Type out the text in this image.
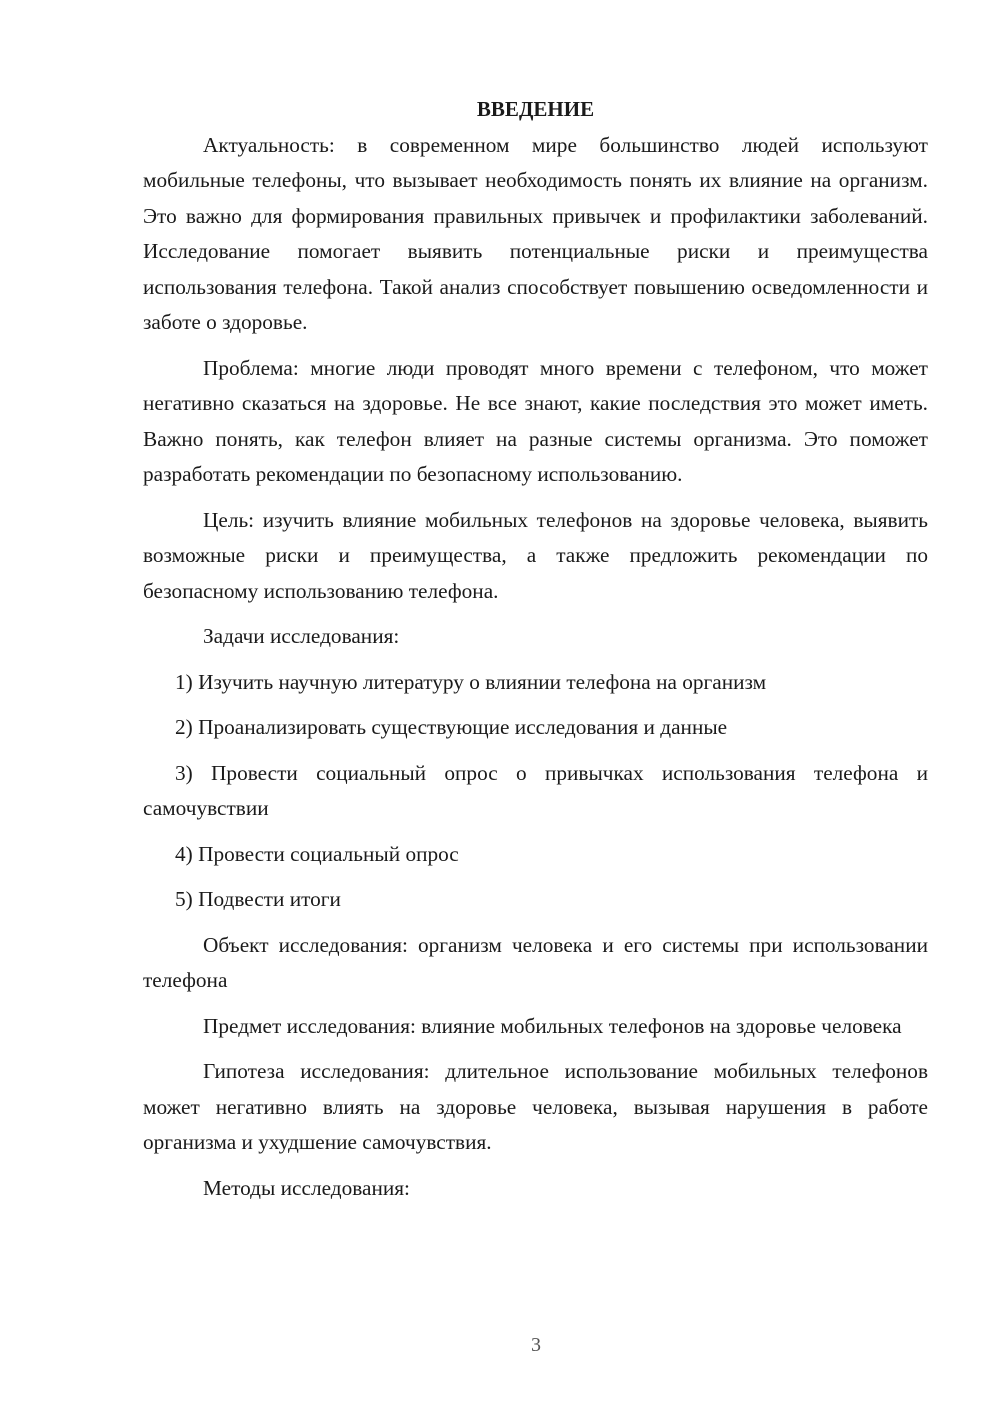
ВВЕДЕНИЕ

Актуальность: в современном мире большинство людей используют мобильные телефоны, что вызывает необходимость понять их влияние на организм. Это важно для формирования правильных привычек и профилактики заболеваний. Исследование помогает выявить потенциальные риски и преимущества использования телефона. Такой анализ способствует повышению осведомленности и заботе о здоровье.

Проблема: многие люди проводят много времени с телефоном, что может негативно сказаться на здоровье. Не все знают, какие последствия это может иметь. Важно понять, как телефон влияет на разные системы организма. Это поможет разработать рекомендации по безопасному использованию.

Цель: изучить влияние мобильных телефонов на здоровье человека, выявить возможные риски и преимущества, а также предложить рекомендации по безопасному использованию телефона.

Задачи исследования:

1) Изучить научную литературу о влиянии телефона на организм

2) Проанализировать существующие исследования и данные

3) Провести социальный опрос о привычках использования телефона и самочувствии

4) Провести социальный опрос

5) Подвести итоги

Объект исследования: организм человека и его системы при использовании телефона

Предмет исследования: влияние мобильных телефонов на здоровье человека

Гипотеза исследования: длительное использование мобильных телефонов может негативно влиять на здоровье человека, вызывая нарушения в работе организма и ухудшение самочувствия.

Методы исследования:

3
